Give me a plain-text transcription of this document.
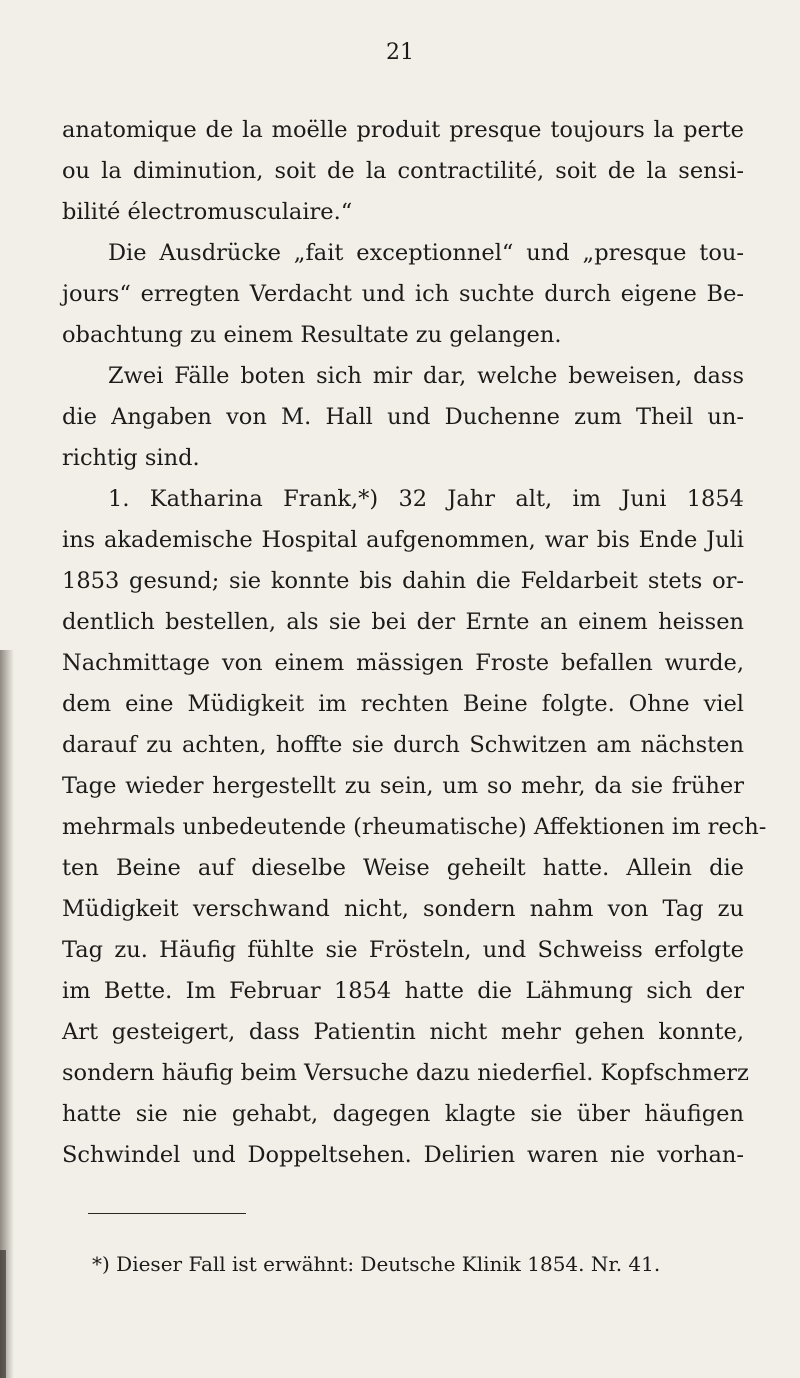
21
anatomique de la moëlle produit presque toujours la perte
ou la diminution, soit de la contractilité, soit de la sensi-
bilité électromusculaire.“
Die Ausdrücke „fait exceptionnel“ und „presque tou-
jours“ erregten Verdacht und ich suchte durch eigene Be-
obachtung zu einem Resultate zu gelangen.
Zwei Fälle boten sich mir dar, welche beweisen, dass
die Angaben von M. Hall und Duchenne zum Theil un-
richtig sind.
1. Katharina Frank,*) 32 Jahr alt, im Juni 1854
ins akademische Hospital aufgenommen, war bis Ende Juli
1853 gesund; sie konnte bis dahin die Feldarbeit stets or-
dentlich bestellen, als sie bei der Ernte an einem heissen
Nachmittage von einem mässigen Froste befallen wurde,
dem eine Müdigkeit im rechten Beine folgte. Ohne viel
darauf zu achten, hoffte sie durch Schwitzen am nächsten
Tage wieder hergestellt zu sein, um so mehr, da sie früher
mehrmals unbedeutende (rheumatische) Affektionen im rech-
ten Beine auf dieselbe Weise geheilt hatte. Allein die
Müdigkeit verschwand nicht, sondern nahm von Tag zu
Tag zu. Häufig fühlte sie Frösteln, und Schweiss erfolgte
im Bette. Im Februar 1854 hatte die Lähmung sich der
Art gesteigert, dass Patientin nicht mehr gehen konnte,
sondern häufig beim Versuche dazu niederfiel. Kopfschmerz
hatte sie nie gehabt, dagegen klagte sie über häufigen
Schwindel und Doppeltsehen. Delirien waren nie vorhan-
*) Dieser Fall ist erwähnt: Deutsche Klinik 1854. Nr. 41.
